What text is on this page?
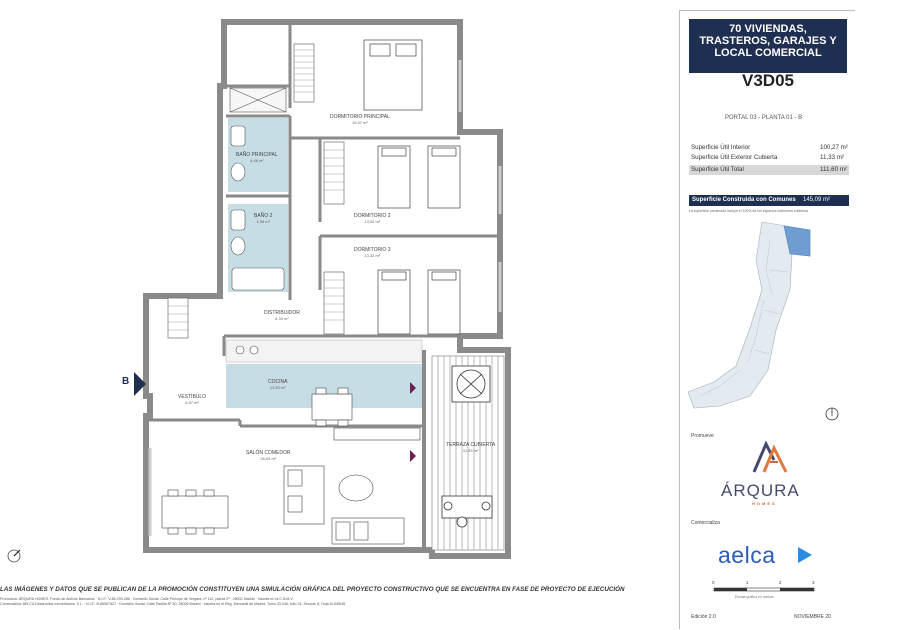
B
DORMITORIO PRINCIPAL
15,07 m²
BAÑO PRINCIPAL
4,48 m²
BAÑO 2
4,98 m²
DORMITORIO 2
13,02 m²
DORMITORIO 3
13,32 m²
DISTRIBUIDOR
6,33 m²
COCINA
13,80 m²
VESTÍBULO
6,07 m²
SALÓN COMEDOR
28,93 m²
TERRAZA CUBIERTA
11,33 m²
LAS IMÁGENES Y DATOS QUE SE PUBLICAN DE LA PROMOCIÓN CONSTITUYEN UNA SIMULACIÓN GRÁFICA DEL PROYECTO CONSTRUCTIVO QUE SE ENCUENTRA EN FASE DE PROYECTO DE EJECUCIÓN
Promotora: ÁRQURA HOMES. Fondo de Activos Bancarios · N.I.F.: V-86 299-286 · Domicilio Social: Calle Príncipe de Vergara, nº 112, planta 2ª · 28002 Madrid · Inscrita en la C.N.M.V.
Comercializa: AELCA Desarrollos Inmobiliarios, S.L. · N.I.F.: B-86567627 · Domicilio Social: Calle Padilla Nº 30, 28006 Madrid · Inscrita en el Reg. Mercantil de Madrid, Tomo 33.246, folio 24, Sección 8, Hoja M-545181
70 VIVIENDAS,
TRASTEROS, GARAJES Y
LOCAL COMERCIAL
V3D05
PORTAL 03 - PLANTA 01 - B
Superficie Útil Interior	100,27 m²
Superficie Útil Exterior Cubierta	11,33 m²
Superficie Útil Total	111,60 m²
Superficie Construida con Comunes 145,09 m²
La superficie construida incluye el 100% de los espacios exteriores cubiertos
Promueve
ÁRQURA
HOMES
Comercializa
aelca
0	1	2	3
Escala gráfica en metros
Edición 2.0	NOVIEMBRE 20
